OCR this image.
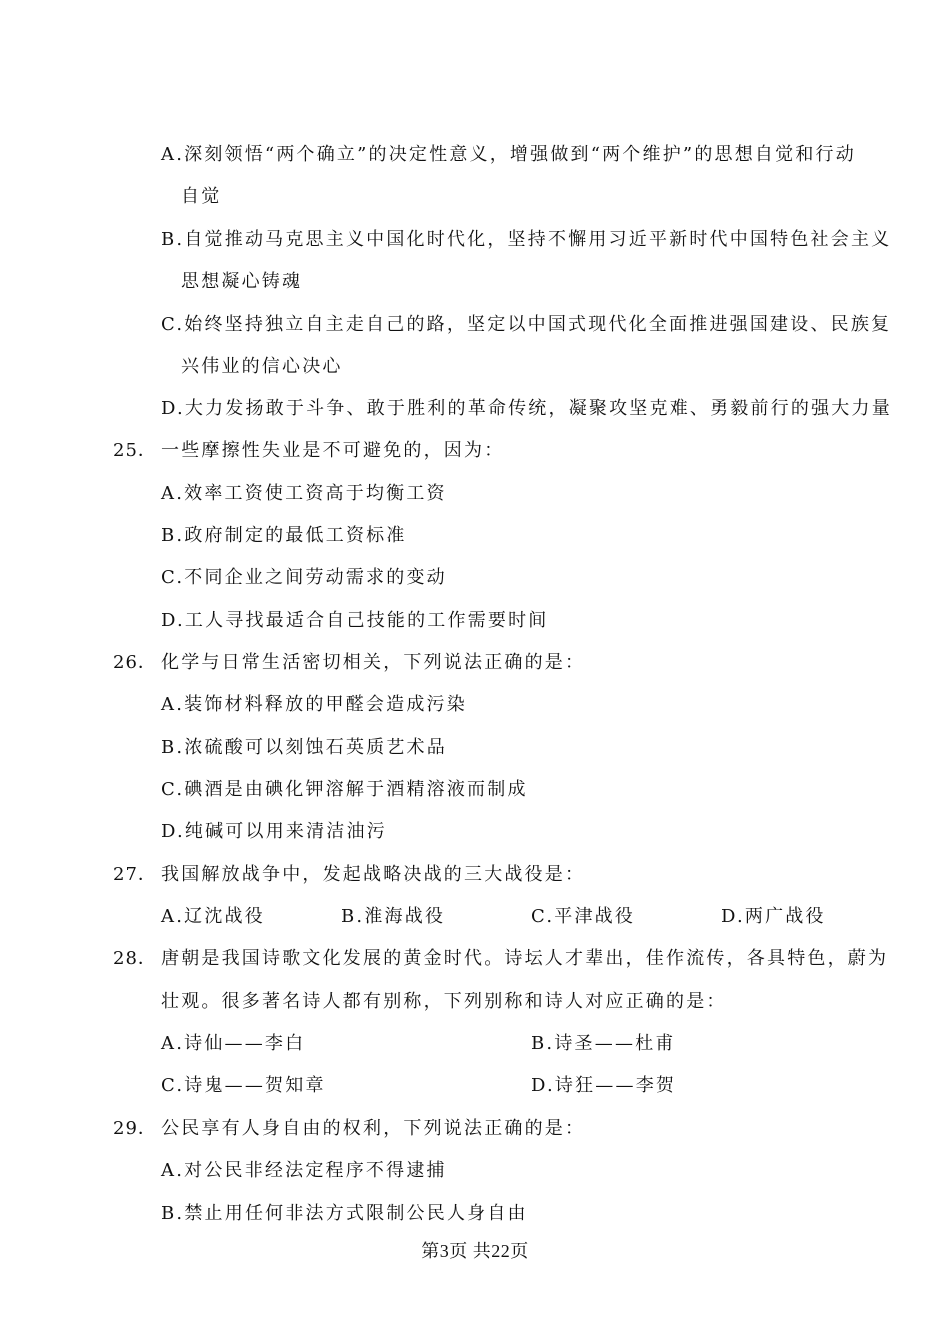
A.深刻领悟“两个确立”的决定性意义，增强做到“两个维护”的思想自觉和行动
自觉
B.自觉推动马克思主义中国化时代化，坚持不懈用习近平新时代中国特色社会主义
思想凝心铸魂
C.始终坚持独立自主走自己的路，坚定以中国式现代化全面推进强国建设、民族复
兴伟业的信心决心
D.大力发扬敢于斗争、敢于胜利的革命传统，凝聚攻坚克难、勇毅前行的强大力量
25． 一些摩擦性失业是不可避免的，因为：
A.效率工资使工资高于均衡工资
B.政府制定的最低工资标准
C.不同企业之间劳动需求的变动
D.工人寻找最适合自己技能的工作需要时间
26． 化学与日常生活密切相关，下列说法正确的是：
A.装饰材料释放的甲醛会造成污染
B.浓硫酸可以刻蚀石英质艺术品
C.碘酒是由碘化钾溶解于酒精溶液而制成
D.纯碱可以用来清洁油污
27． 我国解放战争中，发起战略决战的三大战役是：
A.辽沈战役	B.淮海战役	C.平津战役	D.两广战役
28． 唐朝是我国诗歌文化发展的黄金时代。诗坛人才辈出，佳作流传，各具特色，蔚为
壮观。很多著名诗人都有别称，下列别称和诗人对应正确的是：
A.诗仙——李白	B.诗圣——杜甫
C.诗鬼——贺知章	D.诗狂——李贺
29． 公民享有人身自由的权利，下列说法正确的是：
A.对公民非经法定程序不得逮捕
B.禁止用任何非法方式限制公民人身自由
第3页 共22页
